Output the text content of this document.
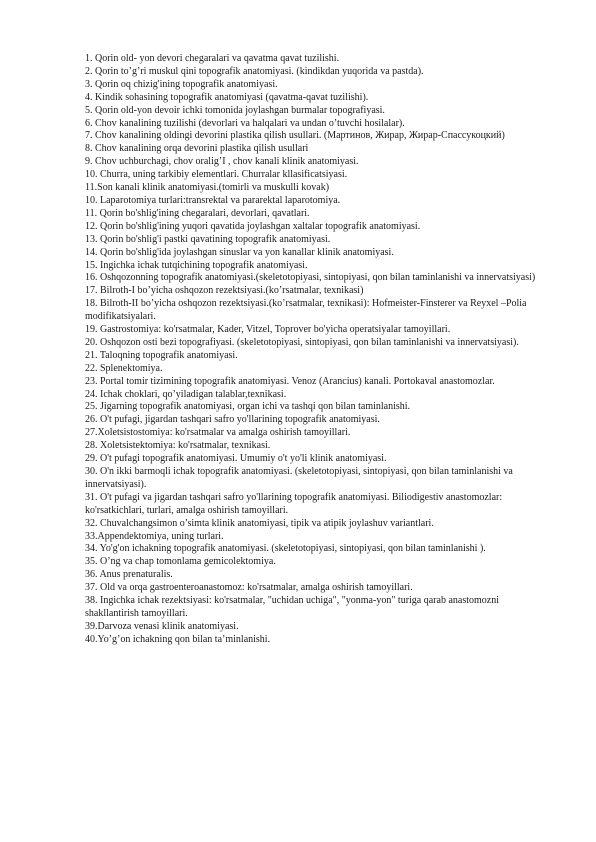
1. Qorin old- yon devori chegaralari va qavatma qavat tuzilishi.

2. Qorin to’g’ri muskul qini topografik anatomiyasi. (kindikdan yuqorida va pastda).

3. Qorin oq chizig'ining topografik anatomiyasi.

4. Kindik sohasining topografik anatomiyasi (qavatma-qavat tuzilishi).

5. Qorin old-yon devoir ichki tomonida joylashgan burmalar topografiyasi.

6. Chov kanalining tuzilishi (devorlari va halqalari va undan o’tuvchi hosilalar).

7. Chov kanalining oldingi devorini plastika qilish usullari. (Мартинов, Жирар, Жирар-Спассукоцкий)

8. Chov kanalining orqa devorini plastika qilish usullari

9. Chov uchburchagi, chov oralig’I , chov kanali klinik anatomiyasi.

10. Churra, uning tarkibiy elementlari. Churralar kllasificatsiyasi.

11.Son kanali klinik anatomiyasi.(tomirli va muskulli kovak)

10. Laparotomiya turlari:transrektal va pararektal laparotomiya.

11. Qorin bo'shlig'ining chegaralari, devorlari, qavatlari.

12. Qorin bo'shlig'ining yuqori qavatida joylashgan xaltalar topografik anatomiyasi.

13. Qorin bo'shlig'i pastki qavatining topografik anatomiyasi.

14. Qorin bo'shlig'ida joylashgan sinuslar va yon kanallar klinik anatomiyasi.

15. Ingichka ichak tutqichining topografik anatomiyasi.

16. Oshqozonning topografik anatomiyasi.(skeletotopiyasi, sintopiyasi, qon bilan taminlanishi va innervatsiyasi)

17. Bilroth-I bo’yicha oshqozon rezektsiyasi.(ko’rsatmalar, texnikasi)

18. Bilroth-II bo’yicha oshqozon rezektsiyasi.(ko’rsatmalar, texnikasi): Hofmeister-Finsterer va Reyxel –Polia modifikatsiyalari.

19. Gastrostomiya: ko'rsatmalar, Kader, Vitzel, Toprover bo'yicha operatsiyalar tamoyillari.

20. Oshqozon osti bezi topografiyasi. (skeletotopiyasi, sintopiyasi, qon bilan taminlanishi va innervatsiyasi).

21. Taloqning topografik anatomiyasi.

22. Splenektomiya.

23. Portal tomir tizimining topografik anatomiyasi. Venoz (Arancius) kanali. Portokaval anastomozlar.

24. Ichak choklari, qo’yiladigan talablar,texnikasi.

25. Jigarning topografik anatomiyasi, organ ichi va tashqi qon bilan taminlanishi.

26. O't pufagi, jigardan tashqari safro yo'llarining topografik anatomiyasi.

27.Xoletsistostomiya: ko'rsatmalar va amalga oshirish tamoyillari.

28. Xoletsistektomiya: ko'rsatmalar, texnikasi.

29. O't pufagi topografik anatomiyasi. Umumiy o't yo'li klinik anatomiyasi.

30. O'n ikki barmoqli ichak topografik anatomiyasi. (skeletotopiyasi, sintopiyasi, qon bilan taminlanishi va innervatsiyasi).

31. O't pufagi va jigardan tashqari safro yo'llarining topografik anatomiyasi. Biliodigestiv anastomozlar: ko'rsatkichlari, turlari, amalga oshirish tamoyillari.

32. Chuvalchangsimon o’simta klinik anatomiyasi, tipik va atipik joylashuv variantlari.

33.Appendektomiya, uning turlari.

34. Yo'g'on ichakning topografik anatomiyasi. (skeletotopiyasi, sintopiyasi, qon bilan taminlanishi ).

35. O’ng va chap tomonlama gemicolektomiya.

36. Anus prenaturalis.

37. Old va orqa gastroenteroanastomoz: ko'rsatmalar, amalga oshirish tamoyillari.

38. Ingichka ichak rezektsiyasi: ko'rsatmalar, "uchidan uchiga", "yonma-yon" turiga qarab anastomozni shakllantirish tamoyillari.

39.Darvoza venasi klinik anatomiyasi.

40.Yo’g’on ichakning qon bilan ta’minlanishi.
